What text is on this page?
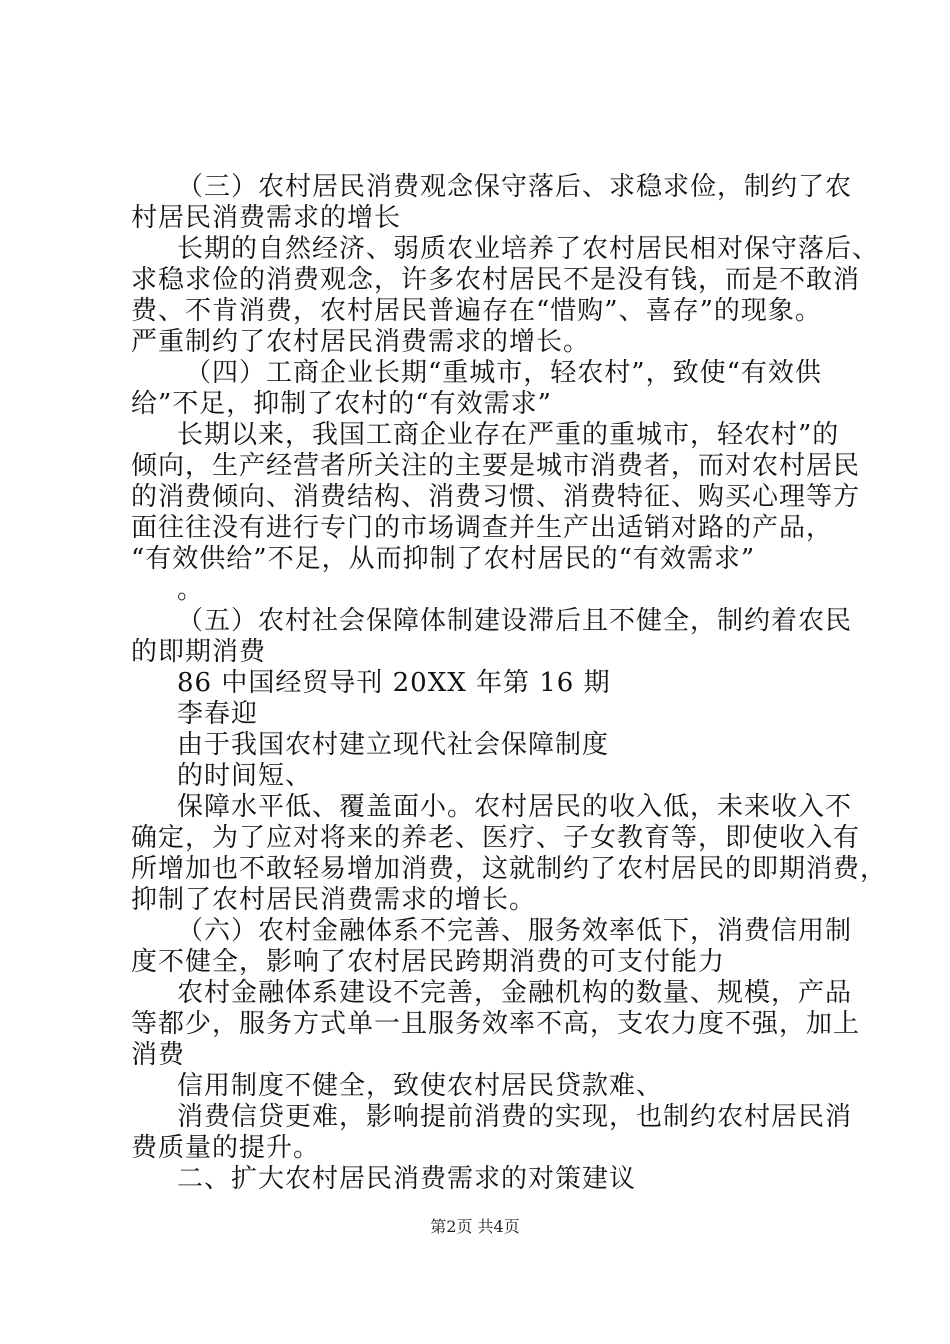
（三）农村居民消费观念保守落后、求稳求俭，制约了农
村居民消费需求的增长
长期的自然经济、弱质农业培养了农村居民相对保守落后、
求稳求俭的消费观念，许多农村居民不是没有钱，而是不敢消
费、不肯消费，农村居民普遍存在“惜购”、喜存”的现象。
严重制约了农村居民消费需求的增长。
（四）工商企业长期“重城市，轻农村”，致使“有效供
给”不足，抑制了农村的“有效需求”
长期以来，我国工商企业存在严重的重城市，轻农村”的
倾向，生产经营者所关注的主要是城市消费者，而对农村居民
的消费倾向、消费结构、消费习惯、消费特征、购买心理等方
面往往没有进行专门的市场调查并生产出适销对路的产品，
“有效供给”不足，从而抑制了农村居民的“有效需求”
。
（五）农村社会保障体制建设滞后且不健全，制约着农民
的即期消费
86 中国经贸导刊 20XX 年第 16 期
李春迎
由于我国农村建立现代社会保障制度
的时间短、
保障水平低、覆盖面小。农村居民的收入低，未来收入不
确定，为了应对将来的养老、医疗、子女教育等，即使收入有
所增加也不敢轻易增加消费，这就制约了农村居民的即期消费，
抑制了农村居民消费需求的增长。
（六）农村金融体系不完善、服务效率低下，消费信用制
度不健全，影响了农村居民跨期消费的可支付能力
农村金融体系建设不完善，金融机构的数量、规模，产品
等都少，服务方式单一且服务效率不高，支农力度不强，加上
消费
信用制度不健全，致使农村居民贷款难、
消费信贷更难，影响提前消费的实现，也制约农村居民消
费质量的提升。
二、扩大农村居民消费需求的对策建议
第2页 共4页
